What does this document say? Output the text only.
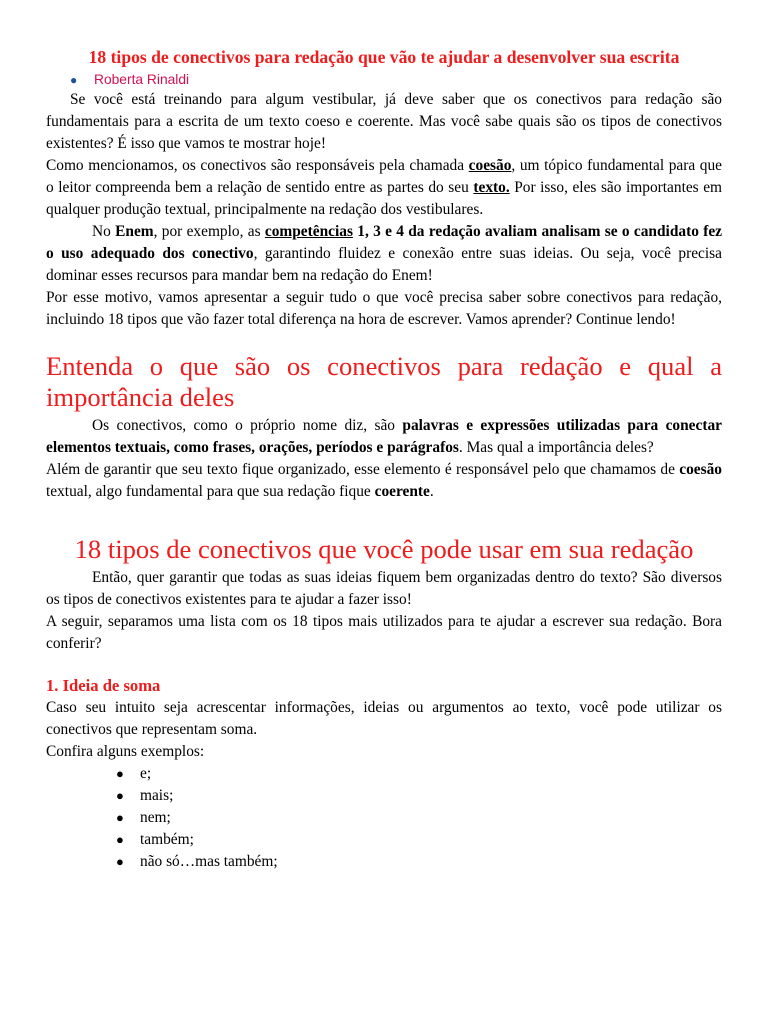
18 tipos de conectivos para redação que vão te ajudar a desenvolver sua escrita
● Roberta Rinaldi

Se você está treinando para algum vestibular, já deve saber que os conectivos para redação são fundamentais para a escrita de um texto coeso e coerente. Mas você sabe quais são os tipos de conectivos existentes? É isso que vamos te mostrar hoje!

Como mencionamos, os conectivos são responsáveis pela chamada coesão, um tópico fundamental para que o leitor compreenda bem a relação de sentido entre as partes do seu texto. Por isso, eles são importantes em qualquer produção textual, principalmente na redação dos vestibulares.

No Enem, por exemplo, as competências 1, 3 e 4 da redação avaliam analisam se o candidato fez o uso adequado dos conectivo, garantindo fluidez e conexão entre suas ideias. Ou seja, você precisa dominar esses recursos para mandar bem na redação do Enem!

Por esse motivo, vamos apresentar a seguir tudo o que você precisa saber sobre conectivos para redação, incluindo 18 tipos que vão fazer total diferença na hora de escrever. Vamos aprender? Continue lendo!

Entenda o que são os conectivos para redação e qual a importância deles

Os conectivos, como o próprio nome diz, são palavras e expressões utilizadas para conectar elementos textuais, como frases, orações, períodos e parágrafos. Mas qual a importância deles?

Além de garantir que seu texto fique organizado, esse elemento é responsável pelo que chamamos de coesão textual, algo fundamental para que sua redação fique coerente.

18 tipos de conectivos que você pode usar em sua redação

Então, quer garantir que todas as suas ideias fiquem bem organizadas dentro do texto? São diversos os tipos de conectivos existentes para te ajudar a fazer isso!

A seguir, separamos uma lista com os 18 tipos mais utilizados para te ajudar a escrever sua redação. Bora conferir?

1. Ideia de soma

Caso seu intuito seja acrescentar informações, ideias ou argumentos ao texto, você pode utilizar os conectivos que representam soma.

Confira alguns exemplos:

● e;
● mais;
● nem;
● também;
● não só…mas também;
